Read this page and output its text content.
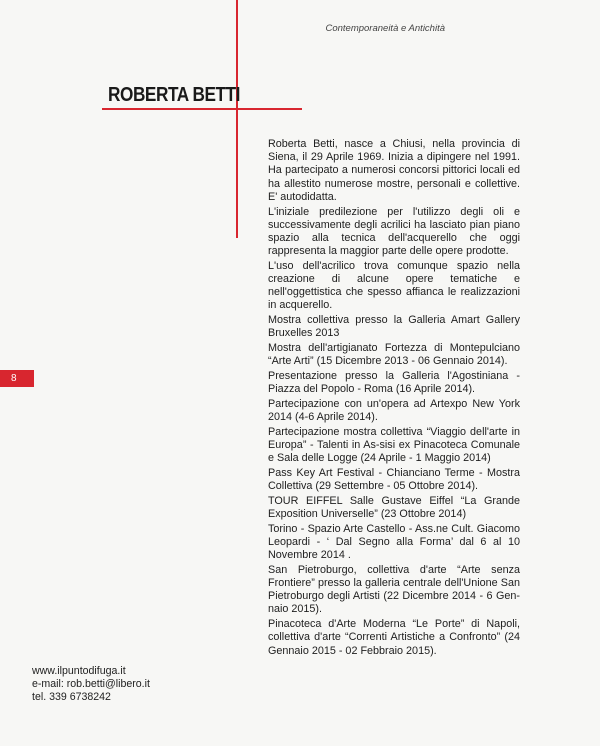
Contemporaneità e Antichità
ROBERTA BETTI
8

Roberta Betti, nasce a Chiusi, nella provincia di Siena, il 29 Aprile 1969. Inizia a dipingere nel 1991. Ha partecipato a numerosi concorsi pittorici locali ed ha allestito numerose mostre, personali e collettive. E' autodidatta.

L'iniziale predilezione per l'utilizzo degli oli e successivamente degli acrilici ha lasciato pian piano spazio alla tecnica dell'acquerello che oggi rappresenta la maggior parte delle opere prodotte.

L'uso dell'acrilico trova comunque spazio nella creazione di alcune opere tematiche e nell'oggettistica che spesso affianca le realizzazioni in acquerello.

Mostra collettiva presso la Galleria Amart Gallery Bruxelles 2013

Mostra dell'artigianato Fortezza di Montepulciano “Arte Arti” (15 Dicembre 2013 - 06 Gennaio 2014).

Presentazione presso la Galleria l'Agostiniana - Piazza del Popolo - Roma (16 Aprile 2014).

Partecipazione con un'opera ad Artexpo New York 2014 (4-6 Aprile 2014).

Partecipazione mostra collettiva “Viaggio dell'arte in Europa” - Talenti in As-sisi ex Pinacoteca Comunale e Sala delle Logge (24 Aprile - 1 Maggio 2014)

Pass Key Art Festival - Chianciano Terme - Mostra Collettiva (29 Settembre - 05 Ottobre 2014).

TOUR EIFFEL Salle Gustave Eiffel “La Grande Exposition Universelle” (23 Ottobre 2014)

Torino - Spazio Arte Castello - Ass.ne Cult. Giacomo Leopardi - ‘ Dal Segno alla Forma’ dal 6 al 10 Novembre 2014 .

San Pietroburgo, collettiva d'arte “Arte senza Frontiere” presso la galleria centrale dell'Unione San Pietroburgo degli Artisti (22 Dicembre 2014 - 6 Gen-naio 2015).

Pinacoteca d'Arte Moderna “Le Porte” di Napoli, collettiva d'arte “Correnti Artistiche a Confronto” (24 Gennaio 2015 - 02 Febbraio 2015).

www.ilpuntodifuga.it
e-mail: rob.betti@libero.it
tel. 339 6738242
